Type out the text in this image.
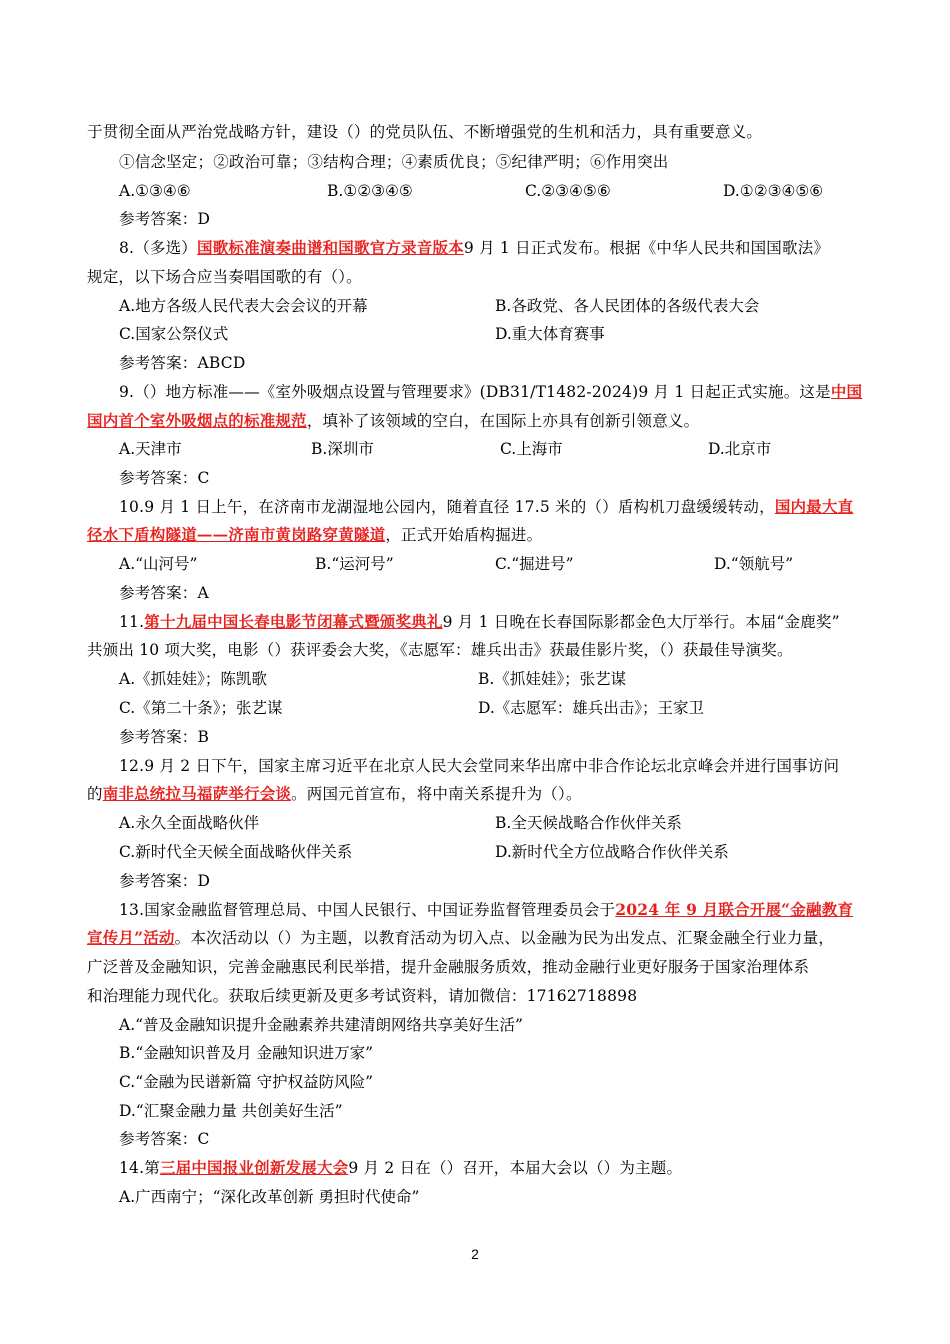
于贯彻全面从严治党战略方针，建设（）的党员队伍、不断增强党的生机和活力，具有重要意义。
①信念坚定；②政治可靠；③结构合理；④素质优良；⑤纪律严明；⑥作用突出
A.①③④⑥	B.①②③④⑤	C.②③④⑤⑥	D.①②③④⑤⑥
参考答案：D
8.（多选）国歌标准演奏曲谱和国歌官方录音版本9 月 1 日正式发布。根据《中华人民共和国国歌法》
规定，以下场合应当奏唱国歌的有（）。
A.地方各级人民代表大会会议的开幕	B.各政党、各人民团体的各级代表大会
C.国家公祭仪式	D.重大体育赛事
参考答案：ABCD
9.（）地方标准——《室外吸烟点设置与管理要求》(DB31/T1482-2024)9 月 1 日起正式实施。这是中国
国内首个室外吸烟点的标准规范，填补了该领域的空白，在国际上亦具有创新引领意义。
A.天津市	B.深圳市	C.上海市	D.北京市
参考答案：C
10.9 月 1 日上午，在济南市龙湖湿地公园内，随着直径 17.5 米的（）盾构机刀盘缓缓转动，国内最大直
径水下盾构隧道——济南市黄岗路穿黄隧道，正式开始盾构掘进。
A.“山河号”	B.“运河号”	C.“掘进号”	D.“领航号”
参考答案：A
11.第十九届中国长春电影节闭幕式暨颁奖典礼9 月 1 日晚在长春国际影都金色大厅举行。本届“金鹿奖”
共颁出 10 项大奖，电影（）获评委会大奖，《志愿军：雄兵出击》获最佳影片奖，（）获最佳导演奖。
A.《抓娃娃》；陈凯歌	B.《抓娃娃》；张艺谋
C.《第二十条》；张艺谋	D.《志愿军：雄兵出击》；王家卫
参考答案：B
12.9 月 2 日下午，国家主席习近平在北京人民大会堂同来华出席中非合作论坛北京峰会并进行国事访问
的南非总统拉马福萨举行会谈。两国元首宣布，将中南关系提升为（）。
A.永久全面战略伙伴	B.全天候战略合作伙伴关系
C.新时代全天候全面战略伙伴关系	D.新时代全方位战略合作伙伴关系
参考答案：D
13.国家金融监督管理总局、中国人民银行、中国证券监督管理委员会于2024 年 9 月联合开展“金融教育
宣传月”活动。本次活动以（）为主题，以教育活动为切入点、以金融为民为出发点、汇聚金融全行业力量，
广泛普及金融知识，完善金融惠民利民举措，提升金融服务质效，推动金融行业更好服务于国家治理体系
和治理能力现代化。获取后续更新及更多考试资料，请加微信：17162718898
A.“普及金融知识提升金融素养共建清朗网络共享美好生活”
B.“金融知识普及月 金融知识进万家”
C.“金融为民谱新篇 守护权益防风险”
D.“汇聚金融力量 共创美好生活”
参考答案：C
14.第三届中国报业创新发展大会9 月 2 日在（）召开，本届大会以（）为主题。
A.广西南宁；“深化改革创新 勇担时代使命”
2
